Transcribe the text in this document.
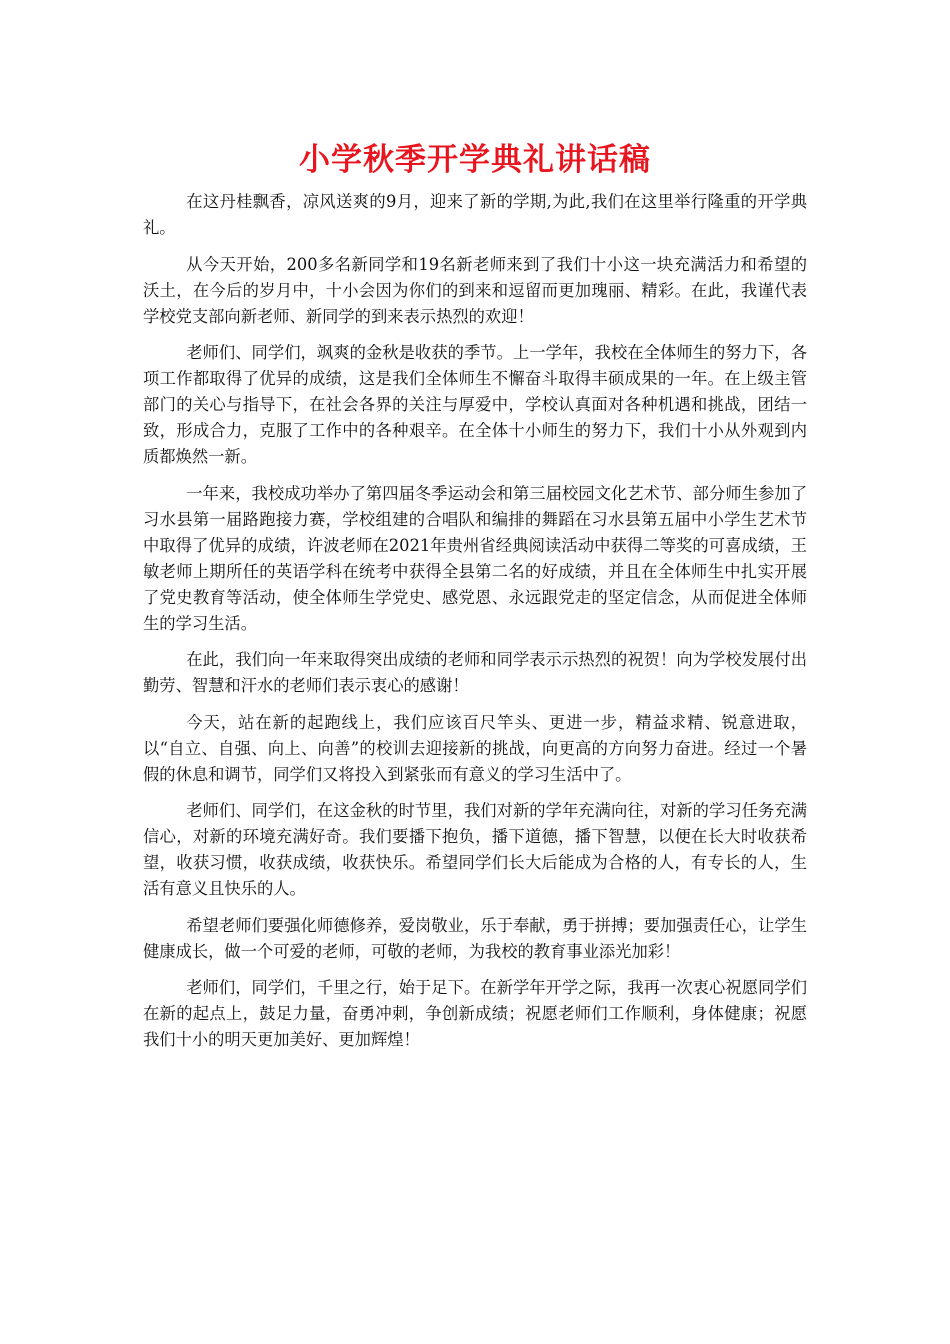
小学秋季开学典礼讲话稿

在这丹桂飘香，凉风送爽的9月，迎来了新的学期,为此,我们在这里举行隆重的开学典礼。

从今天开始，200多名新同学和19名新老师来到了我们十小这一块充满活力和希望的沃土，在今后的岁月中，十小会因为你们的到来和逗留而更加瑰丽、精彩。在此，我谨代表学校党支部向新老师、新同学的到来表示热烈的欢迎！

老师们、同学们，飒爽的金秋是收获的季节。上一学年，我校在全体师生的努力下，各项工作都取得了优异的成绩，这是我们全体师生不懈奋斗取得丰硕成果的一年。在上级主管部门的关心与指导下，在社会各界的关注与厚爱中，学校认真面对各种机遇和挑战，团结一致，形成合力，克服了工作中的各种艰辛。在全体十小师生的努力下，我们十小从外观到内质都焕然一新。

一年来，我校成功举办了第四届冬季运动会和第三届校园文化艺术节、部分师生参加了习水县第一届路跑接力赛，学校组建的合唱队和编排的舞蹈在习水县第五届中小学生艺术节中取得了优异的成绩，许波老师在2021年贵州省经典阅读活动中获得二等奖的可喜成绩，王敏老师上期所任的英语学科在统考中获得全县第二名的好成绩，并且在全体师生中扎实开展了党史教育等活动，使全体师生学党史、感党恩、永远跟党走的坚定信念，从而促进全体师生的学习生活。

在此，我们向一年来取得突出成绩的老师和同学表示示热烈的祝贺！向为学校发展付出勤劳、智慧和汗水的老师们表示衷心的感谢！

今天，站在新的起跑线上，我们应该百尺竿头、更进一步，精益求精、锐意进取，以“自立、自强、向上、向善”的校训去迎接新的挑战，向更高的方向努力奋进。经过一个暑假的休息和调节，同学们又将投入到紧张而有意义的学习生活中了。

老师们、同学们，在这金秋的时节里，我们对新的学年充满向往，对新的学习任务充满信心，对新的环境充满好奇。我们要播下抱负，播下道德，播下智慧，以便在长大时收获希望，收获习惯，收获成绩，收获快乐。希望同学们长大后能成为合格的人，有专长的人，生活有意义且快乐的人。

希望老师们要强化师德修养，爱岗敬业，乐于奉献，勇于拼搏；要加强责任心，让学生健康成长，做一个可爱的老师，可敬的老师，为我校的教育事业添光加彩！

老师们，同学们，千里之行，始于足下。在新学年开学之际，我再一次衷心祝愿同学们在新的起点上，鼓足力量，奋勇冲刺，争创新成绩；祝愿老师们工作顺利，身体健康；祝愿我们十小的明天更加美好、更加辉煌！
